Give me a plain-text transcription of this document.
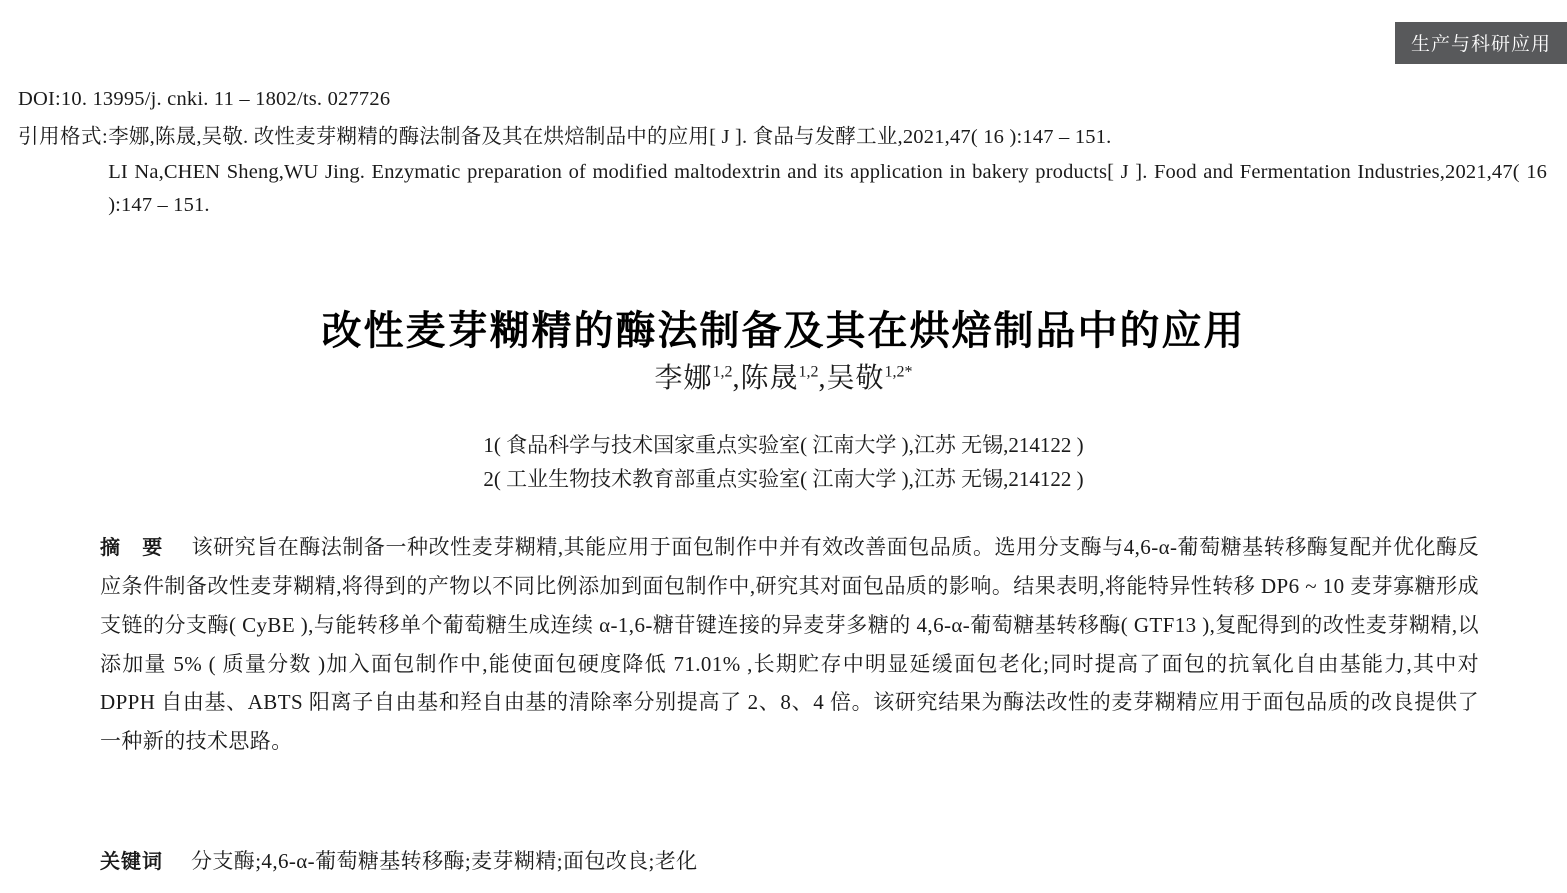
生产与科研应用
DOI:10. 13995/j. cnki. 11 – 1802/ts. 027726
引用格式: 李娜,陈晟,吴敬. 改性麦芽糊精的酶法制备及其在烘焙制品中的应用[ J ]. 食品与发酵工业,2021,47( 16 ):147 – 151.
LI Na,CHEN Sheng,WU Jing. Enzymatic preparation of modified maltodextrin and its application in bakery products[ J ]. Food and Fermentation Industries,2021,47( 16 ):147 – 151.
改性麦芽糊精的酶法制备及其在烘焙制品中的应用
李娜$^{1,2}$,陈晟$^{1,2}$,吴敬$^{1,2*}$
1( 食品科学与技术国家重点实验室( 江南大学 ),江苏 无锡,214122 )
2( 工业生物技术教育部重点实验室( 江南大学 ),江苏 无锡,214122 )
摘　要 该研究旨在酶法制备一种改性麦芽糊精,其能应用于面包制作中并有效改善面包品质。选用分支酶与4,6-α-葡萄糖基转移酶复配并优化酶反应条件制备改性麦芽糊精,将得到的产物以不同比例添加到面包制作中,研究其对面包品质的影响。结果表明,将能特异性转移 DP6 ~ 10 麦芽寡糖形成支链的分支酶( CyBE ),与能转移单个葡萄糖生成连续 α-1,6-糖苷键连接的异麦芽多糖的 4,6-α-葡萄糖基转移酶( GTF13 ),复配得到的改性麦芽糊精,以添加量 5% ( 质量分数 )加入面包制作中,能使面包硬度降低 71.01% ,长期贮存中明显延缓面包老化;同时提高了面包的抗氧化自由基能力,其中对 DPPH 自由基、ABTS 阳离子自由基和羟自由基的清除率分别提高了 2、8、4 倍。该研究结果为酶法改性的麦芽糊精应用于面包品质的改良提供了一种新的技术思路。
关键词 分支酶;4,6-α-葡萄糖基转移酶;麦芽糊精;面包改良;老化
